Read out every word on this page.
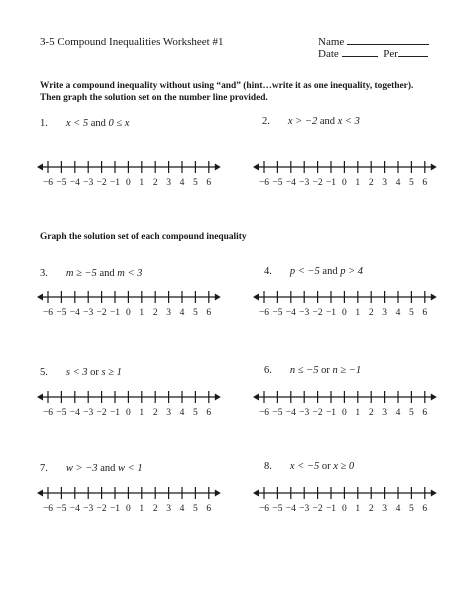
3-5 Compound Inequalities Worksheet #1	Name
Date	Per
Write a compound inequality without using “and” (hint…write it as one inequality, together).
Then graph the solution set on the number line provided.
Graph the solution set of each compound inequality
1. x < 5 and 0 ≤ x	2. x > −2 and x < 3
3. m ≥ −5 and m < 3	4. p < −5 and p > 4
5. s < 3 or s ≥ 1	6. n ≤ −5 or n ≥ −1
7. w > −3 and w < 1	8. x < −5 or x ≥ 0
−6 −5 −4 −3 −2 −1 0 1 2 3 4 5 6	−6 −5 −4 −3 −2 −1 0 1 2 3 4 5 6
−6 −5 −4 −3 −2 −1 0 1 2 3 4 5 6	−6 −5 −4 −3 −2 −1 0 1 2 3 4 5 6
−6 −5 −4 −3 −2 −1 0 1 2 3 4 5 6	−6 −5 −4 −3 −2 −1 0 1 2 3 4 5 6
−6 −5 −4 −3 −2 −1 0 1 2 3 4 5 6	−6 −5 −4 −3 −2 −1 0 1 2 3 4 5 6
